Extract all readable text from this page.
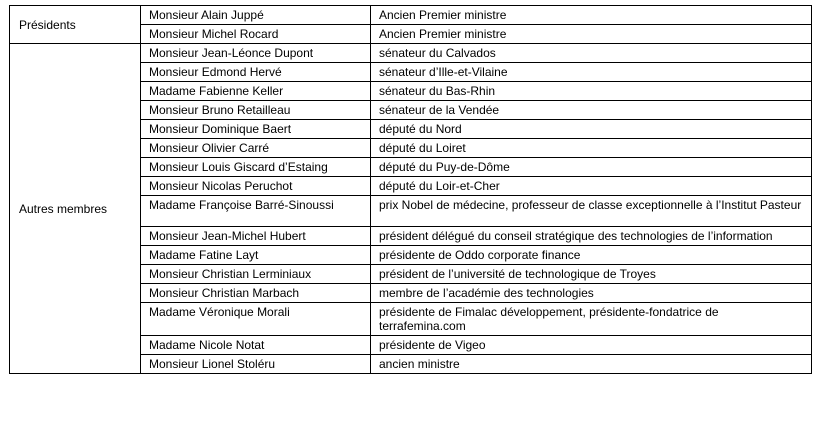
Présidents	Monsieur Alain Juppé	Ancien Premier ministre
	Monsieur Michel Rocard	Ancien Premier ministre
Autres membres	Monsieur Jean-Léonce Dupont	sénateur du Calvados
	Monsieur Edmond Hervé	sénateur d’Ille-et-Vilaine
	Madame Fabienne Keller	sénateur du Bas-Rhin
	Monsieur Bruno Retailleau	sénateur de la Vendée
	Monsieur Dominique Baert	député du Nord
	Monsieur Olivier Carré	député du Loiret
	Monsieur Louis Giscard d’Estaing	député du Puy-de-Dôme
	Monsieur Nicolas Peruchot	député du Loir-et-Cher
	Madame Françoise Barré-Sinoussi	prix Nobel de médecine, professeur de classe exceptionnelle à l’Institut Pasteur
	Monsieur Jean-Michel Hubert	président délégué du conseil stratégique des technologies de l’information
	Madame Fatine Layt	présidente de Oddo corporate finance
	Monsieur Christian Lerminiaux	président de l’université de technologique de Troyes
	Monsieur Christian Marbach	membre de l’académie des technologies
	Madame Véronique Morali	présidente de Fimalac développement, présidente-fondatrice de terrafemina.com
	Madame Nicole Notat	présidente de Vigeo
	Monsieur Lionel Stoléru	ancien ministre
